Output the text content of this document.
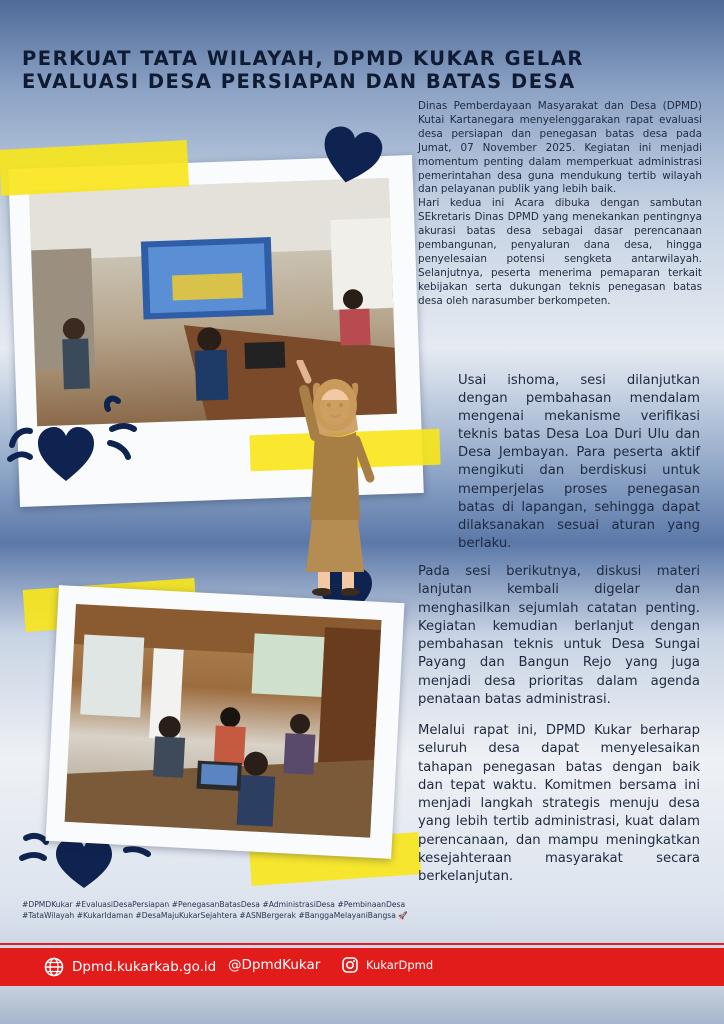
PERKUAT TATA WILAYAH, DPMD KUKAR GELAR
EVALUASI DESA PERSIAPAN DAN BATAS DESA

Dinas Pemberdayaan Masyarakat dan Desa (DPMD) Kutai Kartanegara menyelenggarakan rapat evaluasi desa persiapan dan penegasan batas desa pada Jumat, 07 November 2025. Kegiatan ini menjadi momentum penting dalam memperkuat administrasi pemerintahan desa guna mendukung tertib wilayah dan pelayanan publik yang lebih baik.
Hari kedua ini Acara dibuka dengan sambutan SEkretaris Dinas DPMD yang menekankan pentingnya akurasi batas desa sebagai dasar perencanaan pembangunan, penyaluran dana desa, hingga penyelesaian potensi sengketa antarwilayah. Selanjutnya, peserta menerima pemaparan terkait kebijakan serta dukungan teknis penegasan batas desa oleh narasumber berkompeten.

Usai ishoma, sesi dilanjutkan dengan pembahasan mendalam mengenai mekanisme verifikasi teknis batas Desa Loa Duri Ulu dan Desa Jembayan. Para peserta aktif mengikuti dan berdiskusi untuk memperjelas proses penegasan batas di lapangan, sehingga dapat dilaksanakan sesuai aturan yang berlaku.

Pada sesi berikutnya, diskusi materi lanjutan kembali digelar dan menghasilkan sejumlah catatan penting. Kegiatan kemudian berlanjut dengan pembahasan teknis untuk Desa Sungai Payang dan Bangun Rejo yang juga menjadi desa prioritas dalam agenda penataan batas administrasi.

Melalui rapat ini, DPMD Kukar berharap seluruh desa dapat menyelesaikan tahapan penegasan batas dengan baik dan tepat waktu. Komitmen bersama ini menjadi langkah strategis menuju desa yang lebih tertib administrasi, kuat dalam perencanaan, dan mampu meningkatkan kesejahteraan masyarakat secara berkelanjutan.

#DPMDKukar #EvaluasiDesaPersiapan #PenegasanBatasDesa #AdministrasiDesa #PembinaanDesa #TataWilayah #KukarIdaman #DesaMajuKukarSejahtera #ASNBergerak #BanggaMelayaniBangsa 🚀

Dpmd.kukarkab.go.id @DpmdKukar	KukarDpmd
